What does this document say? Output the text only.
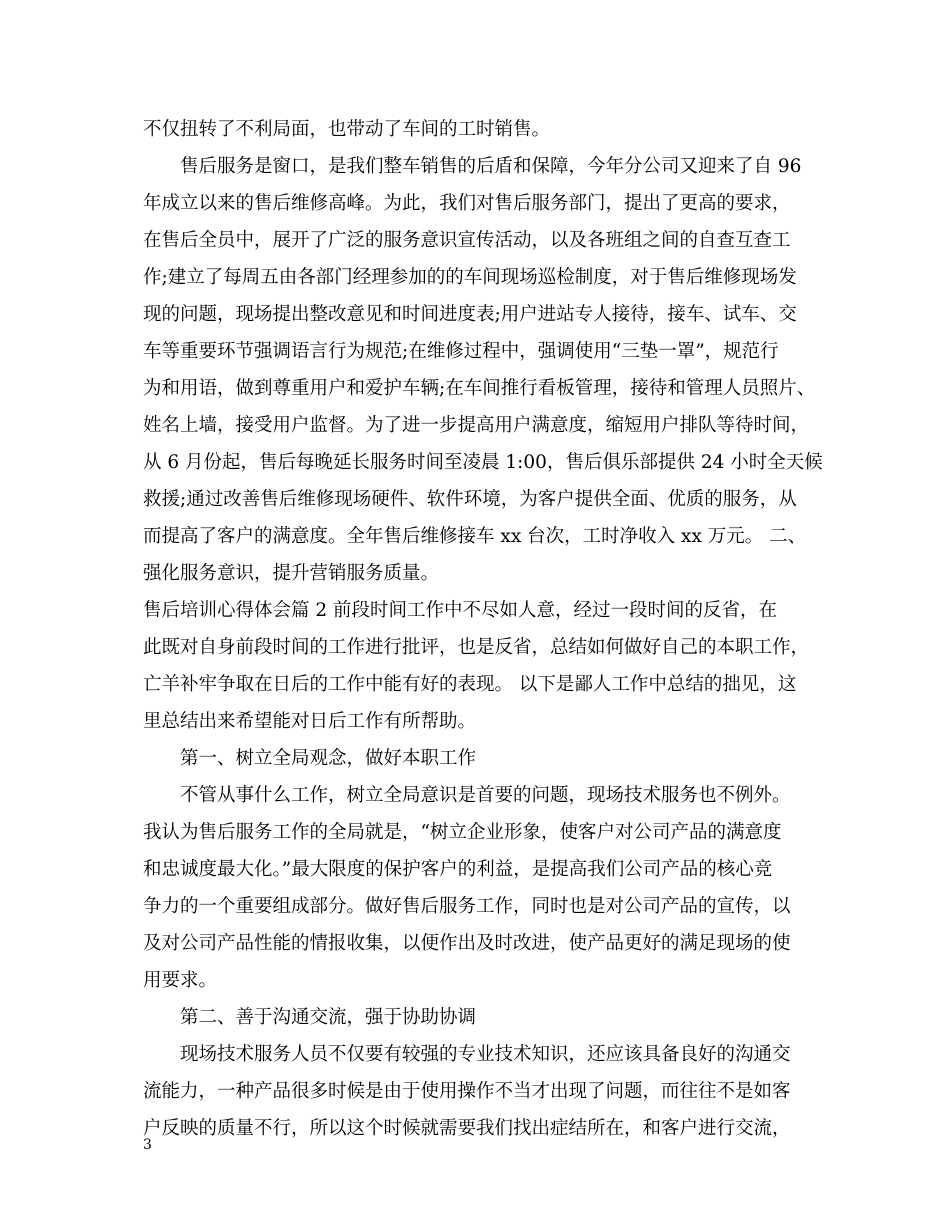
不仅扭转了不利局面，也带动了车间的工时销售。
售后服务是窗口，是我们整车销售的后盾和保障，今年分公司又迎来了自 96
年成立以来的售后维修高峰。为此，我们对售后服务部门，提出了更高的要求，
在售后全员中，展开了广泛的服务意识宣传活动，以及各班组之间的自查互查工
作;建立了每周五由各部门经理参加的的车间现场巡检制度，对于售后维修现场发
现的问题，现场提出整改意见和时间进度表;用户进站专人接待，接车、试车、交
车等重要环节强调语言行为规范;在维修过程中，强调使用“三垫一罩”，规范行
为和用语，做到尊重用户和爱护车辆;在车间推行看板管理，接待和管理人员照片、
姓名上墙，接受用户监督。为了进一步提高用户满意度，缩短用户排队等待时间，
从 6 月份起，售后每晚延长服务时间至凌晨 1:00，售后俱乐部提供 24 小时全天候
救援;通过改善售后维修现场硬件、软件环境，为客户提供全面、优质的服务，从
而提高了客户的满意度。全年售后维修接车 xx 台次，工时净收入 xx 万元。 二、
强化服务意识，提升营销服务质量。
售后培训心得体会篇 2 前段时间工作中不尽如人意，经过一段时间的反省，在
此既对自身前段时间的工作进行批评，也是反省，总结如何做好自己的本职工作，
亡羊补牢争取在日后的工作中能有好的表现。 以下是鄙人工作中总结的拙见，这
里总结出来希望能对日后工作有所帮助。
第一、树立全局观念，做好本职工作
不管从事什么工作，树立全局意识是首要的问题，现场技术服务也不例外。
我认为售后服务工作的全局就是，“树立企业形象，使客户对公司产品的满意度
和忠诚度最大化。”最大限度的保护客户的利益，是提高我们公司产品的核心竞
争力的一个重要组成部分。做好售后服务工作，同时也是对公司产品的宣传，以
及对公司产品性能的情报收集，以便作出及时改进，使产品更好的满足现场的使
用要求。
第二、善于沟通交流，强于协助协调
现场技术服务人员不仅要有较强的专业技术知识，还应该具备良好的沟通交
流能力，一种产品很多时候是由于使用操作不当才出现了问题，而往往不是如客
户反映的质量不行，所以这个时候就需要我们找出症结所在，和客户进行交流，
3
